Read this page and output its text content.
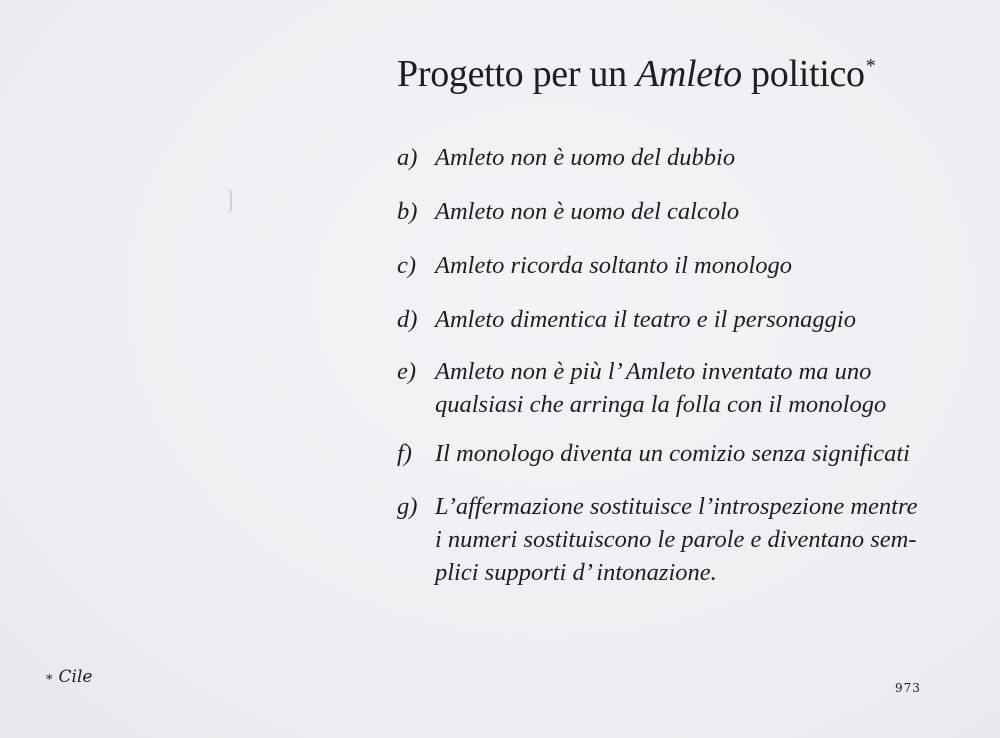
Progetto per un Amleto politico*
a) Amleto non è uomo del dubbio
b) Amleto non è uomo del calcolo
c) Amleto ricorda soltanto il monologo
d) Amleto dimentica il teatro e il personaggio
e) Amleto non è più l’ Amleto inventato ma uno
qualsiasi che arringa la folla con il monologo
f) Il monologo diventa un comizio senza significati
g) L’affermazione sostituisce l’introspezione mentre
i numeri sostituiscono le parole e diventano sem-
plici supporti d’ intonazione.
* Cile
973
